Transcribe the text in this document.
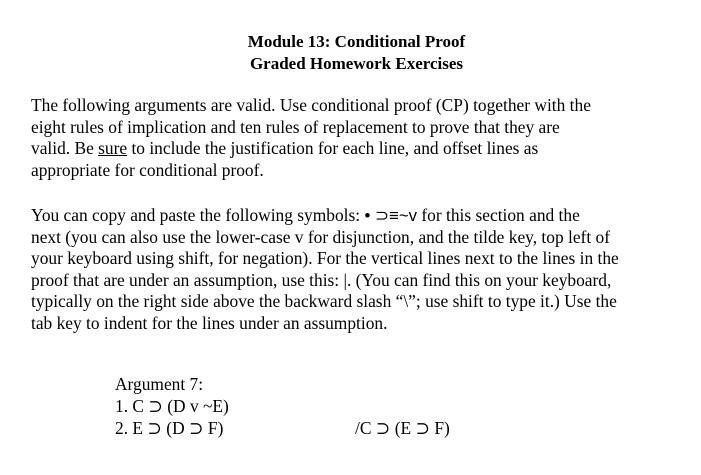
Module 13: Conditional Proof
Graded Homework Exercises
The following arguments are valid. Use conditional proof (CP) together with the
eight rules of implication and ten rules of replacement to prove that they are
valid. Be sure to include the justification for each line, and offset lines as
appropriate for conditional proof.
You can copy and paste the following symbols: • ⊃≡~v for this section and the
next (you can also use the lower-case v for disjunction, and the tilde key, top left of
your keyboard using shift, for negation). For the vertical lines next to the lines in the
proof that are under an assumption, use this: |. (You can find this on your keyboard,
typically on the right side above the backward slash “\”; use shift to type it.) Use the
tab key to indent for the lines under an assumption.
Argument 7:
1. C ⊃ (D v ~E)
2. E ⊃ (D ⊃ F)	/C ⊃ (E ⊃ F)
